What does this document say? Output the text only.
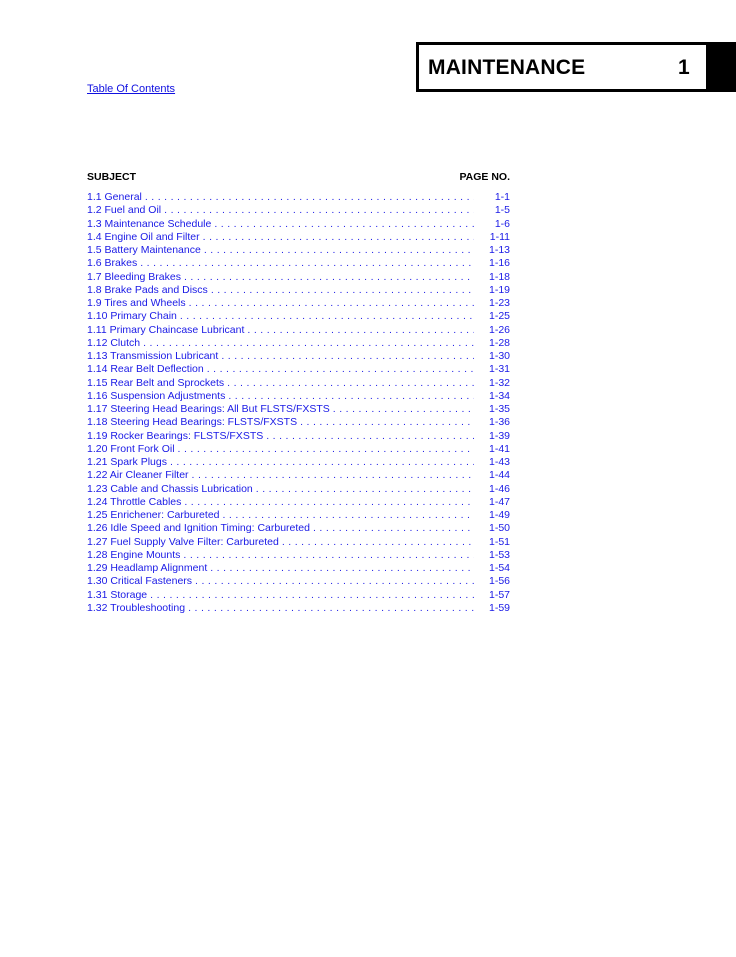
MAINTENANCE	1
Table Of Contents
SUBJECT	PAGE NO.
1.1 General . . .	1-1
1.2 Fuel and Oil . . .	1-5
1.3 Maintenance Schedule . . .	1-6
1.4 Engine Oil and Filter . . .	1-11
1.5 Battery Maintenance . . .	1-13
1.6 Brakes . . .	1-16
1.7 Bleeding Brakes . . .	1-18
1.8 Brake Pads and Discs . . .	1-19
1.9 Tires and Wheels . . .	1-23
1.10 Primary Chain . . .	1-25
1.11 Primary Chaincase Lubricant . . .	1-26
1.12 Clutch . . .	1-28
1.13 Transmission Lubricant . . .	1-30
1.14 Rear Belt Deflection . . .	1-31
1.15 Rear Belt and Sprockets . . .	1-32
1.16 Suspension Adjustments . . .	1-34
1.17 Steering Head Bearings: All But FLSTS/FXSTS . . .	1-35
1.18 Steering Head Bearings: FLSTS/FXSTS . . .	1-36
1.19 Rocker Bearings: FLSTS/FXSTS . . .	1-39
1.20 Front Fork Oil . . .	1-41
1.21 Spark Plugs . . .	1-43
1.22 Air Cleaner Filter . . .	1-44
1.23 Cable and Chassis Lubrication . . .	1-46
1.24 Throttle Cables . . .	1-47
1.25 Enrichener: Carbureted . . .	1-49
1.26 Idle Speed and Ignition Timing: Carbureted . . .	1-50
1.27 Fuel Supply Valve Filter: Carbureted . . .	1-51
1.28 Engine Mounts . . .	1-53
1.29 Headlamp Alignment . . .	1-54
1.30 Critical Fasteners . . .	1-56
1.31 Storage . . .	1-57
1.32 Troubleshooting . . .	1-59
